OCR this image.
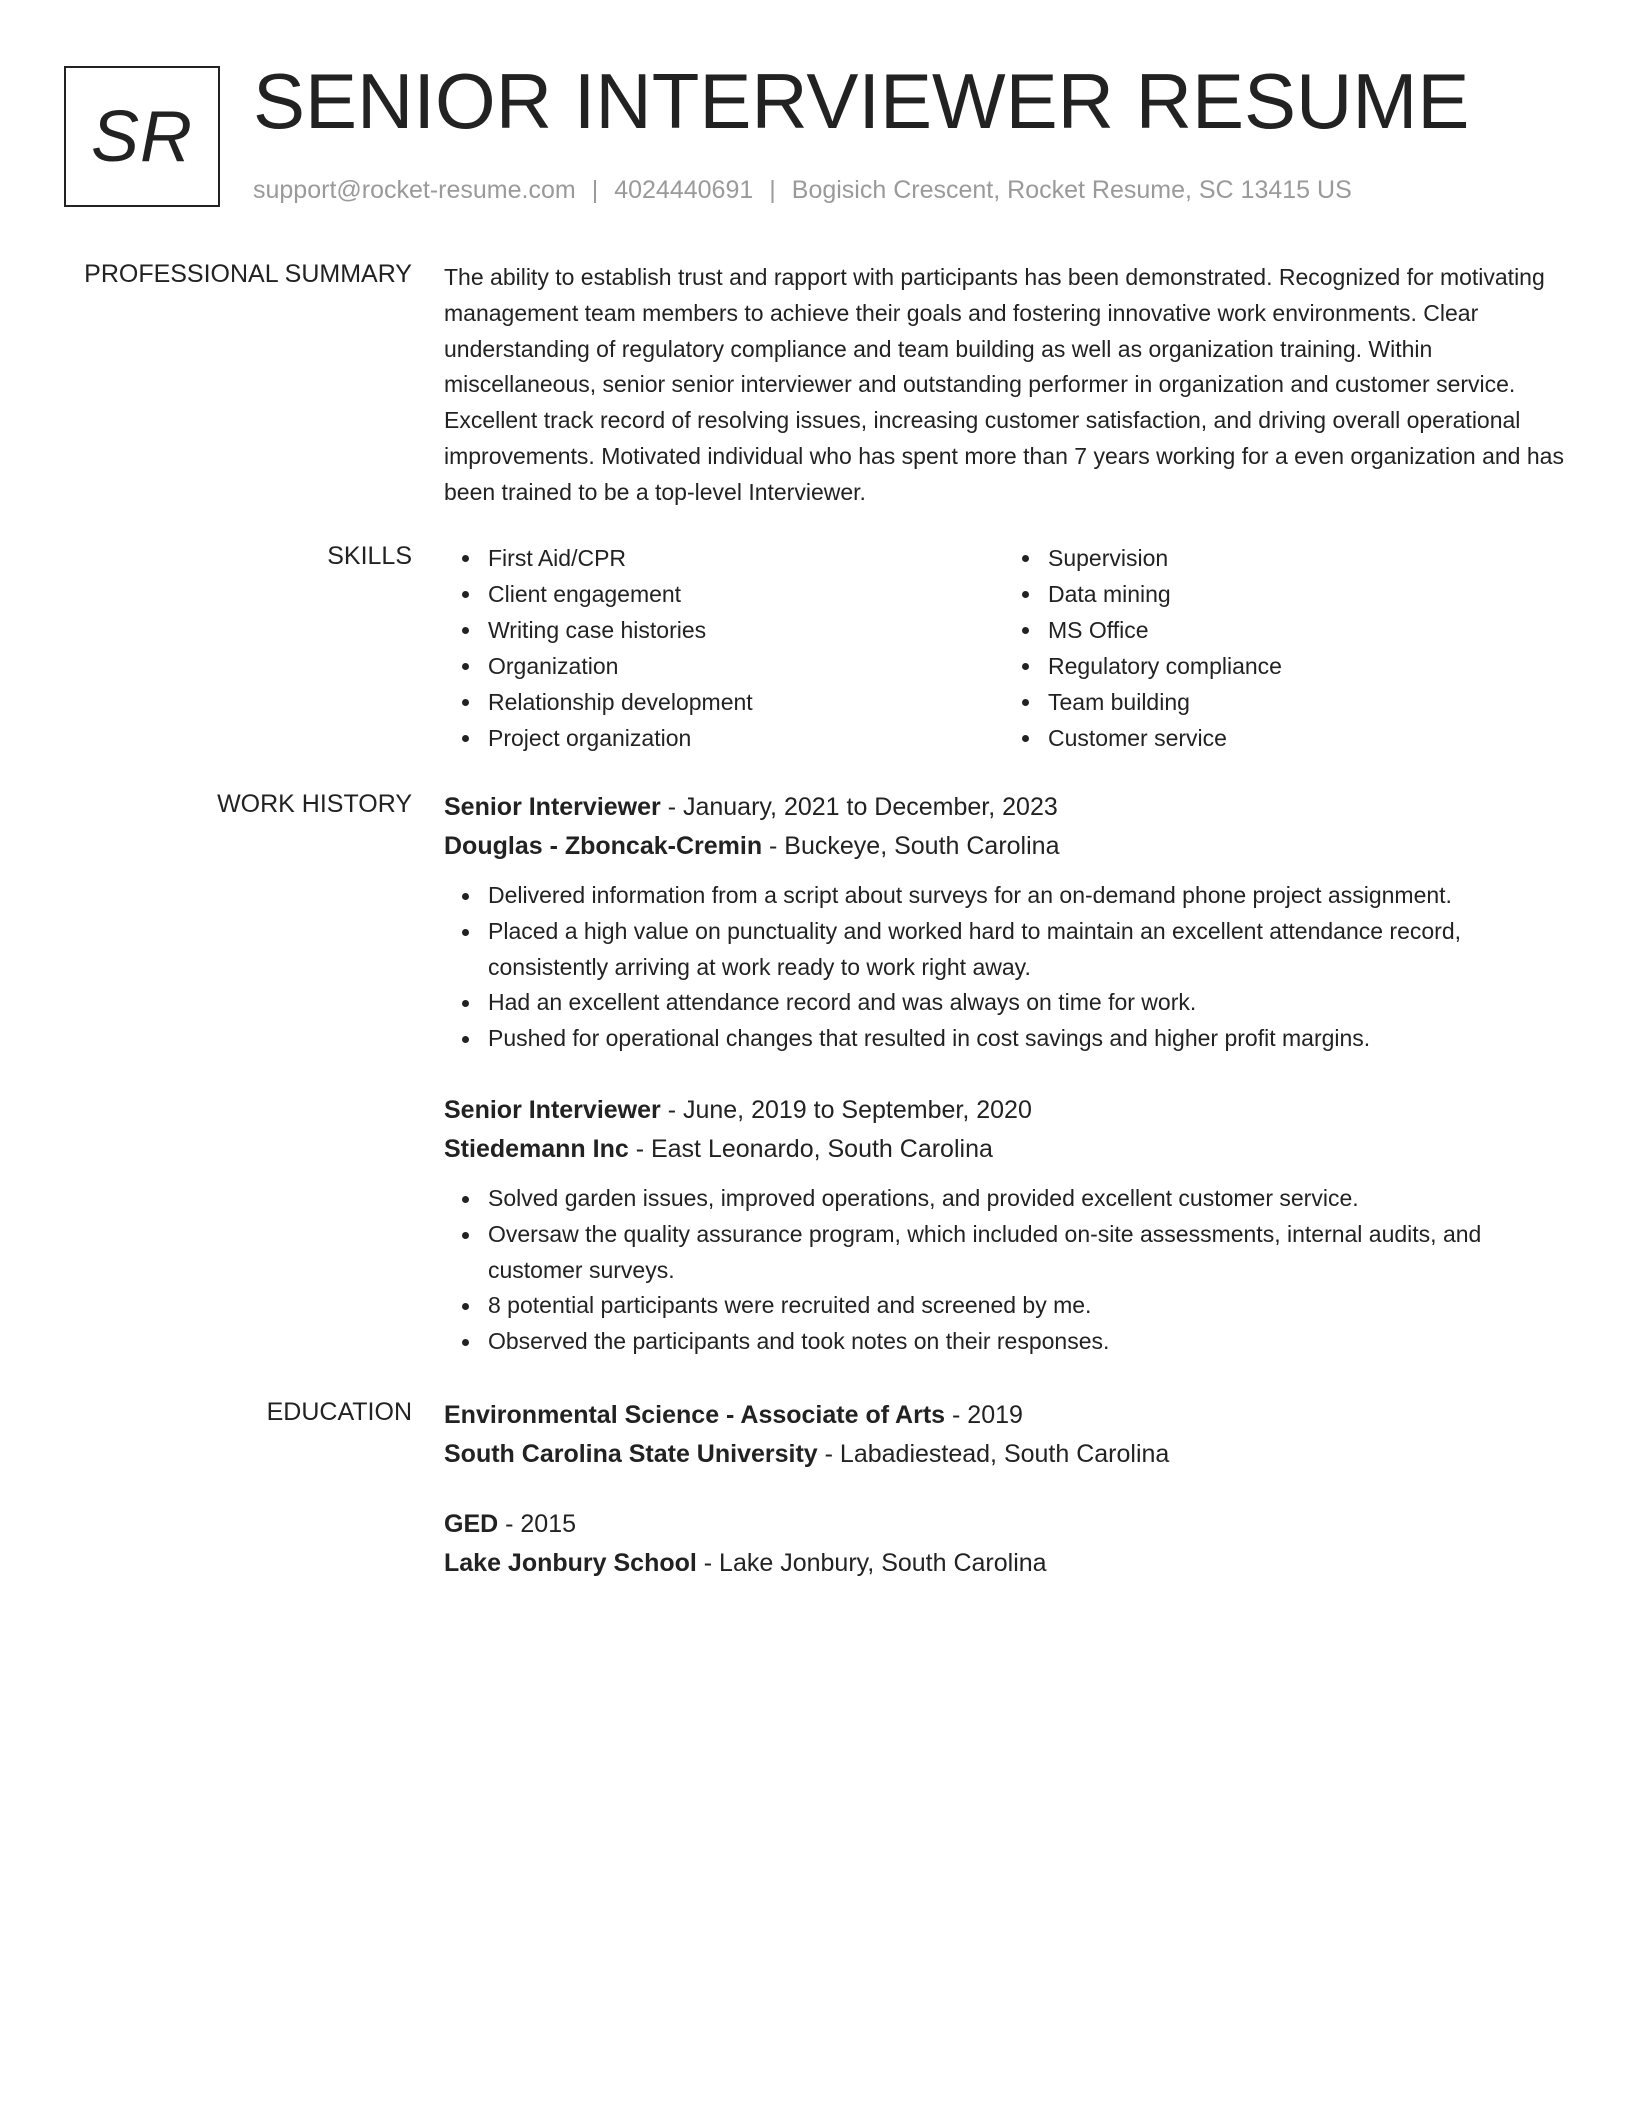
SR SENIOR INTERVIEWER RESUME
support@rocket-resume.com | 4024440691 | Bogisich Crescent, Rocket Resume, SC 13415 US
PROFESSIONAL SUMMARY The ability to establish trust and rapport with participants has been demonstrated. Recognized for motivating management team members to achieve their goals and fostering innovative work environments. Clear understanding of regulatory compliance and team building as well as organization training. Within miscellaneous, senior senior interviewer and outstanding performer in organization and customer service. Excellent track record of resolving issues, increasing customer satisfaction, and driving overall operational improvements. Motivated individual who has spent more than 7 years working for a even organization and has been trained to be a top-level Interviewer.

SKILLS	First Aid/CPR
Client engagement
Writing case histories
Organization
Relationship development
Project organization
Supervision
Data mining
MS Office
Regulatory compliance
Team building
Customer service
WORK HISTORY Senior Interviewer - January, 2021 to December, 2023
Douglas - Zboncak-Cremin - Buckeye, South Carolina
Delivered information from a script about surveys for an on-demand phone project assignment.
Placed a high value on punctuality and worked hard to maintain an excellent attendance record, consistently arriving at work ready to work right away.
Had an excellent attendance record and was always on time for work.
Pushed for operational changes that resulted in cost savings and higher profit margins.
Senior Interviewer - June, 2019 to September, 2020
Stiedemann Inc - East Leonardo, South Carolina
Solved garden issues, improved operations, and provided excellent customer service.
Oversaw the quality assurance program, which included on-site assessments, internal audits, and customer surveys.
8 potential participants were recruited and screened by me.
Observed the participants and took notes on their responses.
EDUCATION Environmental Science - Associate of Arts - 2019
South Carolina State University - Labadiestead, South Carolina
GED - 2015
Lake Jonbury School - Lake Jonbury, South Carolina
